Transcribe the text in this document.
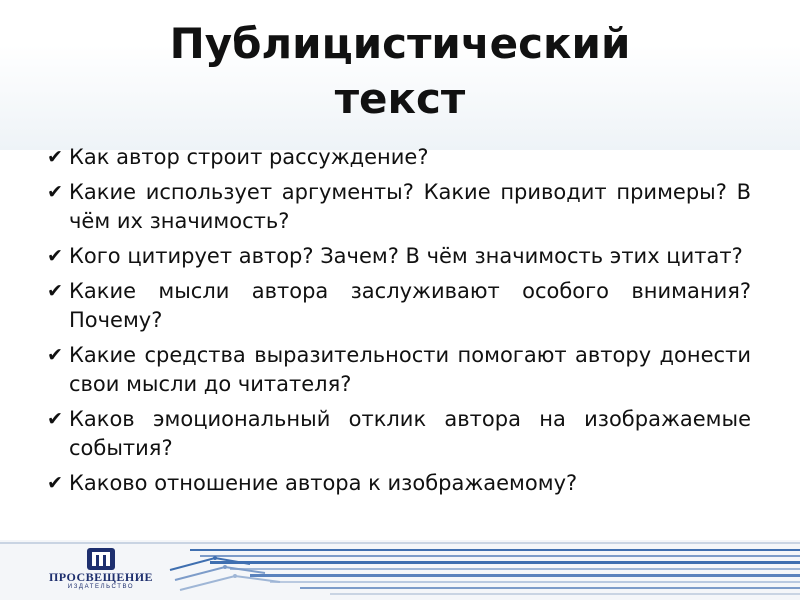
Публицистический
текст
✔ Как автор строит рассуждение?
✔ Какие использует аргументы? Какие приводит примеры? В чём их значимость?
✔ Кого цитирует автор? Зачем? В чём значимость этих цитат?
✔ Какие мысли автора заслуживают особого внимания? Почему?
✔ Какие средства выразительности помогают автору донести свои мысли до читателя?
✔ Каков эмоциональный отклик автора на изображаемые события?
✔ Каково отношение автора к изображаемому?
ПРОСВЕЩЕНИЕ
ИЗДАТЕЛЬСТВО
